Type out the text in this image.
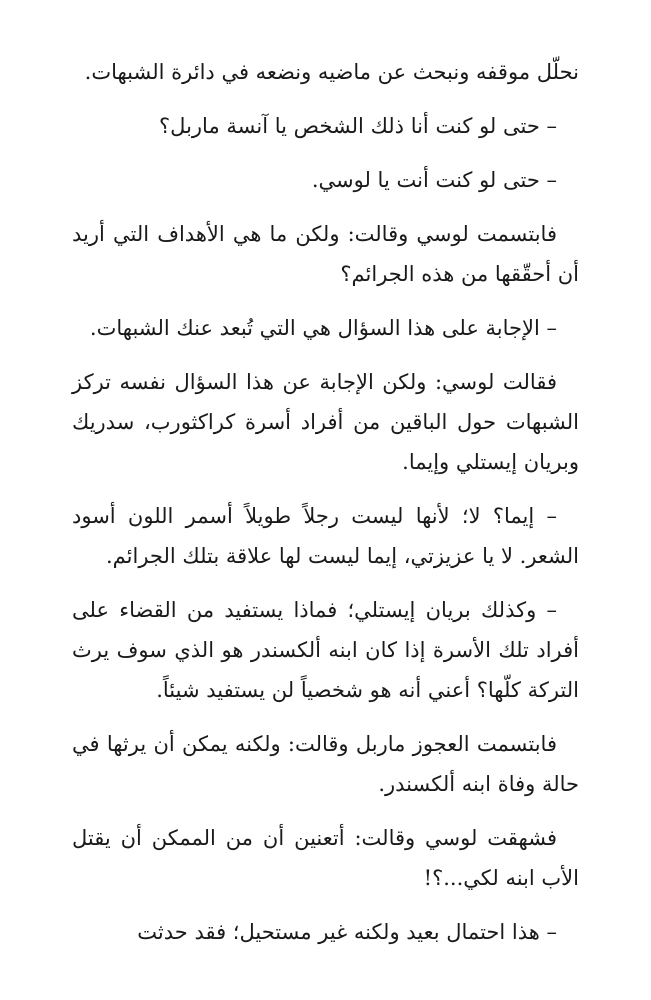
نحلّل موقفه ونبحث عن ماضيه ونضعه في دائرة الشبهات.

– حتى لو كنت أنا ذلك الشخص يا آنسة ماربل؟

– حتى لو كنت أنت يا لوسي.

فابتسمت لوسي وقالت: ولكن ما هي الأهداف التي أريد أن أحقّقها من هذه الجرائم؟

– الإجابة على هذا السؤال هي التي تُبعد عنك الشبهات.

فقالت لوسي: ولكن الإجابة عن هذا السؤال نفسه تركز الشبهات حول الباقين من أفراد أسرة كراكثورب، سدريك وبريان إيستلي وإيما.

– إيما؟ لا؛ لأنها ليست رجلاً طويلاً أسمر اللون أسود الشعر. لا يا عزيزتي، إيما ليست لها علاقة بتلك الجرائم.

– وكذلك بريان إيستلي؛ فماذا يستفيد من القضاء على أفراد تلك الأسرة إذا كان ابنه ألكسندر هو الذي سوف يرث التركة كلّها؟ أعني أنه هو شخصياً لن يستفيد شيئاً.

فابتسمت العجوز ماربل وقالت: ولكنه يمكن أن يرثها في حالة وفاة ابنه ألكسندر.

فشهقت لوسي وقالت: أتعنين أن من الممكن أن يقتل الأب ابنه لكي...؟!

– هذا احتمال بعيد ولكنه غير مستحيل؛ فقد حدثت
